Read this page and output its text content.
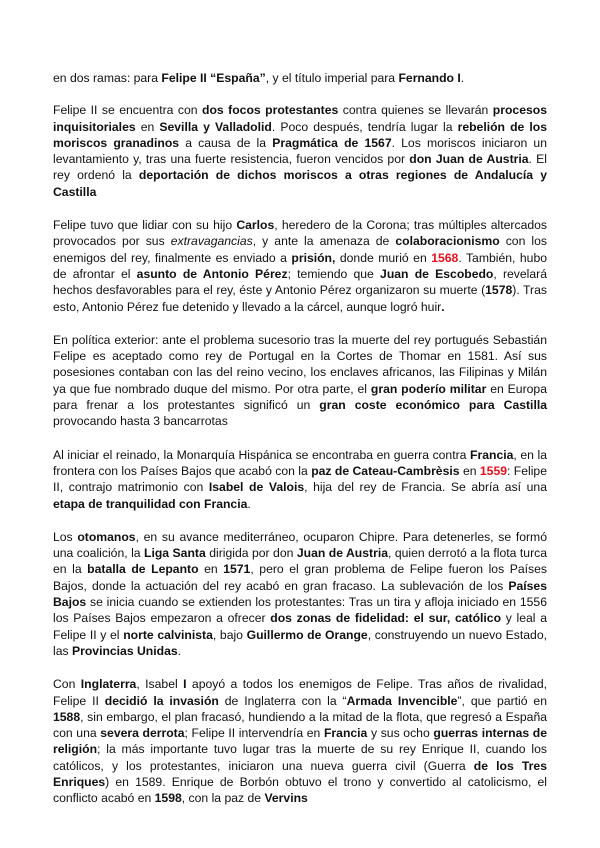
en dos ramas: para Felipe II “España”, y el título imperial para Fernando I.

Felipe II se encuentra con dos focos protestantes contra quienes se llevarán procesos inquisitoriales en Sevilla y Valladolid. Poco después, tendría lugar la rebelión de los moriscos granadinos a causa de la Pragmática de 1567. Los moriscos iniciaron un levantamiento y, tras una fuerte resistencia, fueron vencidos por don Juan de Austria. El rey ordenó la deportación de dichos moriscos a otras regiones de Andalucía y Castilla

Felipe tuvo que lidiar con su hijo Carlos, heredero de la Corona; tras múltiples altercados provocados por sus extravagancias, y ante la amenaza de colaboracionismo con los enemigos del rey, finalmente es enviado a prisión, donde murió en 1568. También, hubo de afrontar el asunto de Antonio Pérez; temiendo que Juan de Escobedo, revelará hechos desfavorables para el rey, éste y Antonio Pérez organizaron su muerte (1578). Tras esto, Antonio Pérez fue detenido y llevado a la cárcel, aunque logró huir.

En política exterior: ante el problema sucesorio tras la muerte del rey portugués Sebastián Felipe es aceptado como rey de Portugal en la Cortes de Thomar en 1581. Así sus posesiones contaban con las del reino vecino, los enclaves africanos, las Filipinas y Milán ya que fue nombrado duque del mismo. Por otra parte, el gran poderío militar en Europa para frenar a los protestantes significó un gran coste económico para Castilla provocando hasta 3 bancarrotas

Al iniciar el reinado, la Monarquía Hispánica se encontraba en guerra contra Francia, en la frontera con los Países Bajos que acabó con la paz de Cateau-Cambrèsis en 1559: Felipe II, contrajo matrimonio con Isabel de Valois, hija del rey de Francia. Se abría así una etapa de tranquilidad con Francia.

Los otomanos, en su avance mediterráneo, ocuparon Chipre. Para detenerles, se formó una coalición, la Liga Santa dirigida por don Juan de Austria, quien derrotó a la flota turca en la batalla de Lepanto en 1571, pero el gran problema de Felipe fueron los Países Bajos, donde la actuación del rey acabó en gran fracaso. La sublevación de los Países Bajos se inicia cuando se extienden los protestantes: Tras un tira y afloja iniciado en 1556 los Países Bajos empezaron a ofrecer dos zonas de fidelidad: el sur, católico y leal a Felipe II y el norte calvinista, bajo Guillermo de Orange, construyendo un nuevo Estado, las Provincias Unidas.

Con Inglaterra, Isabel I apoyó a todos los enemigos de Felipe. Tras años de rivalidad, Felipe II decidió la invasión de Inglaterra con la “Armada Invencible”, que partió en 1588, sin embargo, el plan fracasó, hundiendo a la mitad de la flota, que regresó a España con una severa derrota; Felipe II intervendría en Francia y sus ocho guerras internas de religión; la más importante tuvo lugar tras la muerte de su rey Enrique II, cuando los católicos, y los protestantes, iniciaron una nueva guerra civil (Guerra de los Tres Enriques) en 1589. Enrique de Borbón obtuvo el trono y convertido al catolicismo, el conflicto acabó en 1598, con la paz de Vervins
